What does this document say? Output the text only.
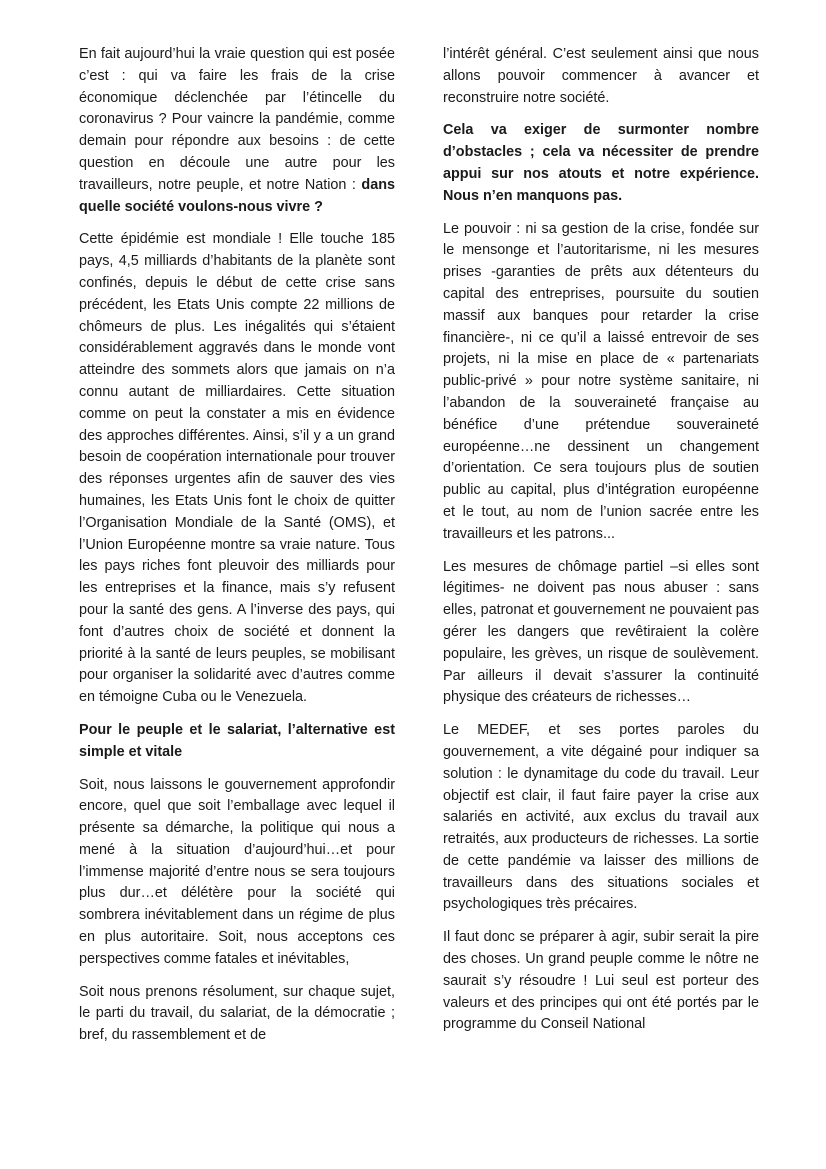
En fait aujourd’hui la vraie question qui est posée c’est : qui va faire les frais de la crise économique déclenchée par l’étincelle du coronavirus ? Pour vaincre la pandémie, comme demain pour répondre aux besoins : de cette question en découle une autre pour les travailleurs, notre peuple, et notre Nation : dans quelle société voulons-nous vivre ?

Cette épidémie est mondiale ! Elle touche 185 pays, 4,5 milliards d’habitants de la planète sont confinés, depuis le début de cette crise sans précédent, les Etats Unis compte 22 millions de chômeurs de plus. Les inégalités qui s’étaient considérablement aggravés dans le monde vont atteindre des sommets alors que jamais on n’a connu autant de milliardaires. Cette situation comme on peut la constater a mis en évidence des approches différentes. Ainsi, s’il y a un grand besoin de coopération internationale pour trouver des réponses urgentes afin de sauver des vies humaines, les Etats Unis font le choix de quitter l’Organisation Mondiale de la Santé (OMS), et l’Union Européenne montre sa vraie nature. Tous les pays riches font pleuvoir des milliards pour les entreprises et la finance, mais s’y refusent pour la santé des gens. A l’inverse des pays, qui font d’autres choix de société et donnent la priorité à la santé de leurs peuples, se mobilisant pour organiser la solidarité avec d’autres comme en témoigne Cuba ou le Venezuela.

Pour le peuple et le salariat, l’alternative est simple et vitale

Soit, nous laissons le gouvernement approfondir encore, quel que soit l’emballage avec lequel il présente sa démarche, la politique qui nous a mené à la situation d’aujourd’hui…et pour l’immense majorité d’entre nous se sera toujours plus dur…et délétère pour la société qui sombrera inévitablement dans un régime de plus en plus autoritaire. Soit, nous acceptons ces perspectives comme fatales et inévitables,

Soit nous prenons résolument, sur chaque sujet, le parti du travail, du salariat, de la démocratie ; bref, du rassemblement et de

l’intérêt général. C’est seulement ainsi que nous allons pouvoir commencer à avancer et reconstruire notre société.

Cela va exiger de surmonter nombre d’obstacles ; cela va nécessiter de prendre appui sur nos atouts et notre expérience. Nous n’en manquons pas.

Le pouvoir : ni sa gestion de la crise, fondée sur le mensonge et l’autoritarisme, ni les mesures prises -garanties de prêts aux détenteurs du capital des entreprises, poursuite du soutien massif aux banques pour retarder la crise financière-, ni ce qu’il a laissé entrevoir de ses projets, ni la mise en place de « partenariats public-privé » pour notre système sanitaire, ni l’abandon de la souveraineté française au bénéfice d’une prétendue souveraineté européenne…ne dessinent un changement d’orientation. Ce sera toujours plus de soutien public au capital, plus d’intégration européenne et le tout, au nom de l’union sacrée entre les travailleurs et les patrons...

Les mesures de chômage partiel –si elles sont légitimes- ne doivent pas nous abuser : sans elles, patronat et gouvernement ne pouvaient pas gérer les dangers que revêtiraient la colère populaire, les grèves, un risque de soulèvement. Par ailleurs il devait s’assurer la continuité physique des créateurs de richesses…

Le MEDEF, et ses portes paroles du gouvernement, a vite dégainé pour indiquer sa solution : le dynamitage du code du travail. Leur objectif est clair, il faut faire payer la crise aux salariés en activité, aux exclus du travail aux retraités, aux producteurs de richesses. La sortie de cette pandémie va laisser des millions de travailleurs dans des situations sociales et psychologiques très précaires.

Il faut donc se préparer à agir, subir serait la pire des choses. Un grand peuple comme le nôtre ne saurait s’y résoudre ! Lui seul est porteur des valeurs et des principes qui ont été portés par le programme du Conseil National
